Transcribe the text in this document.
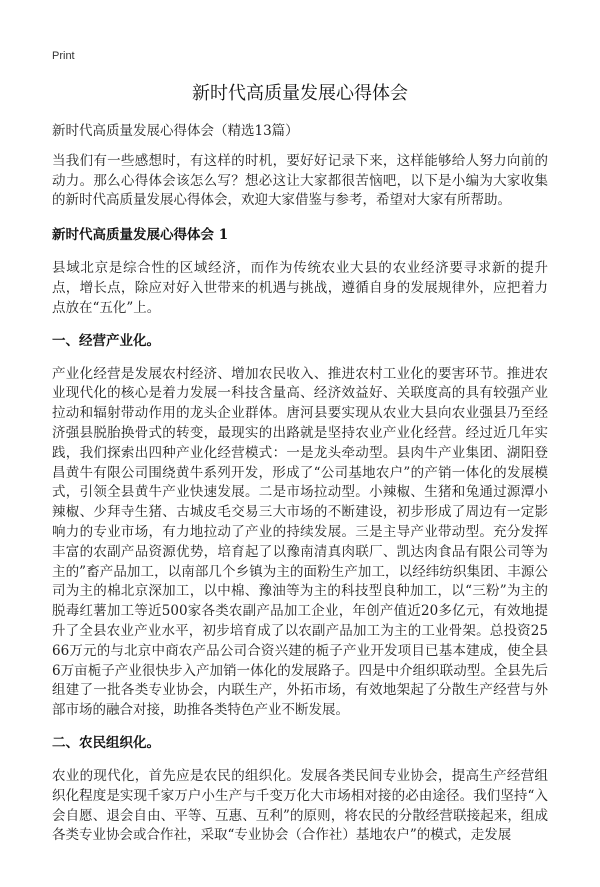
Print
新时代高质量发展心得体会

新时代高质量发展心得体会（精选13篇）

当我们有一些感想时，有这样的时机，要好好记录下来，这样能够给人努力向前的动力。那么心得体会该怎么写？想必这让大家都很苦恼吧，以下是小编为大家收集的新时代高质量发展心得体会，欢迎大家借鉴与参考，希望对大家有所帮助。

新时代高质量发展心得体会 1

县域北京是综合性的区域经济，而作为传统农业大县的农业经济要寻求新的提升点，增长点，除应对好入世带来的机遇与挑战，遵循自身的发展规律外，应把着力点放在“五化”上。

一、经营产业化。

产业化经营是发展农村经济、增加农民收入、推进农村工业化的要害环节。推进农业现代化的核心是着力发展一科技含量高、经济效益好、关联度高的具有较强产业拉动和辐射带动作用的龙头企业群体。唐河县要实现从农业大县向农业强县乃至经济强县脱胎换骨式的转变，最现实的出路就是坚持农业产业化经营。经过近几年实践，我们探索出四种产业化经营模式：一是龙头牵动型。县肉牛产业集团、湖阳登昌黄牛有限公司围绕黄牛系列开发，形成了“公司基地农户”的产销一体化的发展模式，引领全县黄牛产业快速发展。二是市场拉动型。小辣椒、生猪和兔通过源潭小辣椒、少拜寺生猪、古城皮毛交易三大市场的不断建设，初步形成了周边有一定影响力的专业市场，有力地拉动了产业的持续发展。三是主导产业带动型。充分发挥丰富的农副产品资源优势，培育起了以豫南清真肉联厂、凯达肉食品有限公司等为主的”畜产品加工，以南部几个乡镇为主的面粉生产加工，以经纬纺织集团、丰源公司为主的棉北京深加工，以中棉、豫油等为主的科技型良种加工，以“三粉”为主的脱毒红薯加工等近500家各类农副产品加工企业，年创产值近20多亿元，有效地提升了全县农业产业水平，初步培育成了以农副产品加工为主的工业骨架。总投资2566万元的与北京中商农产品公司合资兴建的栀子产业开发项目已基本建成，使全县6万亩栀子产业很快步入产加销一体化的发展路子。四是中介组织联动型。全县先后组建了一批各类专业协会，内联生产，外拓市场，有效地架起了分散生产经营与外部市场的融合对接，助推各类特色产业不断发展。

二、农民组织化。

农业的现代化，首先应是农民的组织化。发展各类民间专业协会，提高生产经营组织化程度是实现千家万户小生产与千变万化大市场相对接的必由途径。我们坚持“入会自愿、退会自由、平等、互惠、互利”的原则，将农民的分散经营联接起来，组成各类专业协会或合作社，采取“专业协会（合作社）基地农户”的模式，走发展
